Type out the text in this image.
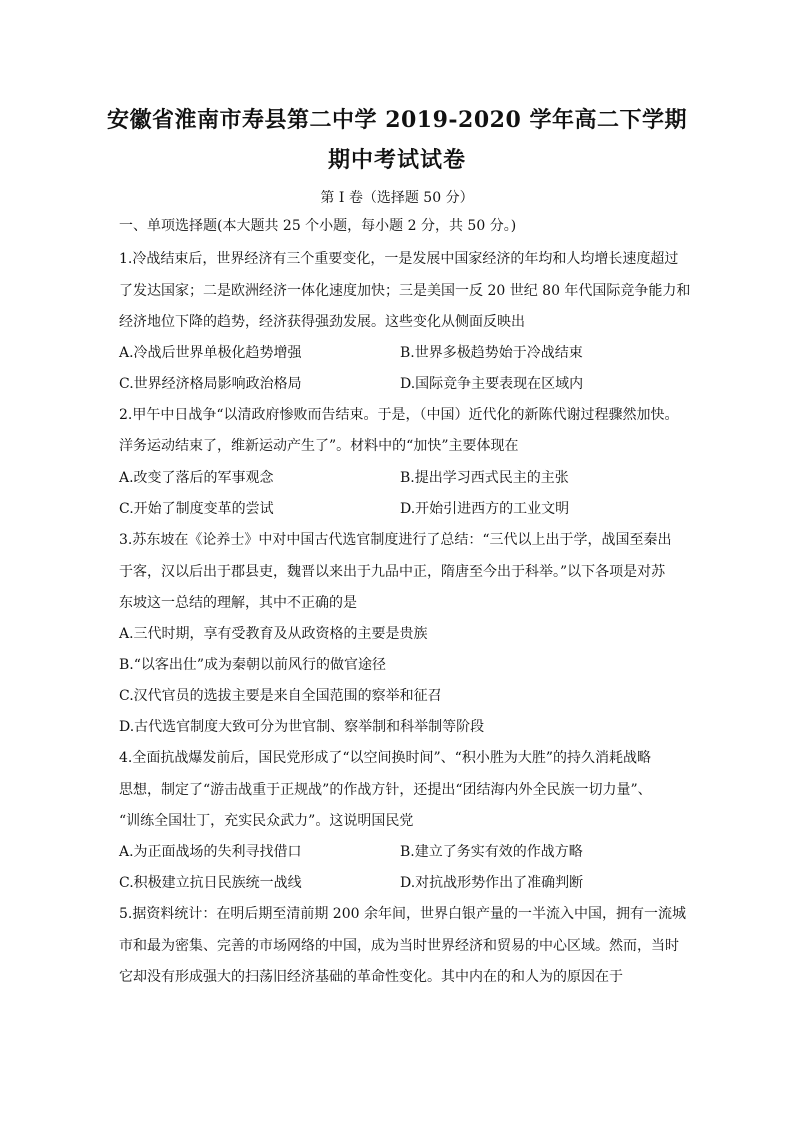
安徽省淮南市寿县第二中学 2019-2020 学年高二下学期
期中考试试卷
第 I 卷（选择题 50 分）
一、单项选择题(本大题共 25 个小题，每小题 2 分，共 50 分。)
1.冷战结束后，世界经济有三个重要变化，一是发展中国家经济的年均和人均增长速度超过
了发达国家；二是欧洲经济一体化速度加快；三是美国一反 20 世纪 80 年代国际竞争能力和
经济地位下降的趋势，经济获得强劲发展。这些变化从侧面反映出
A.冷战后世界单极化趋势增强	B.世界多极趋势始于冷战结束
C.世界经济格局影响政治格局	D.国际竞争主要表现在区域内
2.甲午中日战争“以清政府惨败而告结束。于是，（中国）近代化的新陈代谢过程骤然加快。
洋务运动结束了，维新运动产生了”。材料中的“加快”主要体现在
A.改变了落后的军事观念	B.提出学习西式民主的主张
C.开始了制度变革的尝试	D.开始引进西方的工业文明
3.苏东坡在《论养士》中对中国古代选官制度进行了总结：“三代以上出于学，战国至秦出
于客，汉以后出于郡县吏，魏晋以来出于九品中正，隋唐至今出于科举。”以下各项是对苏
东坡这一总结的理解，其中不正确的是
A.三代时期，享有受教育及从政资格的主要是贵族
B.“以客出仕”成为秦朝以前风行的做官途径
C.汉代官员的选拔主要是来自全国范围的察举和征召
D.古代选官制度大致可分为世官制、察举制和科举制等阶段
4.全面抗战爆发前后，国民党形成了“以空间换时间”、“积小胜为大胜”的持久消耗战略
思想，制定了“游击战重于正规战”的作战方针，还提出“团结海内外全民族一切力量”、
“训练全国壮丁，充实民众武力”。这说明国民党
A.为正面战场的失利寻找借口	B.建立了务实有效的作战方略
C.积极建立抗日民族统一战线	D.对抗战形势作出了准确判断
5.据资料统计：在明后期至清前期 200 余年间，世界白银产量的一半流入中国，拥有一流城
市和最为密集、完善的市场网络的中国，成为当时世界经济和贸易的中心区域。然而，当时
它却没有形成强大的扫荡旧经济基础的革命性变化。其中内在的和人为的原因在于
